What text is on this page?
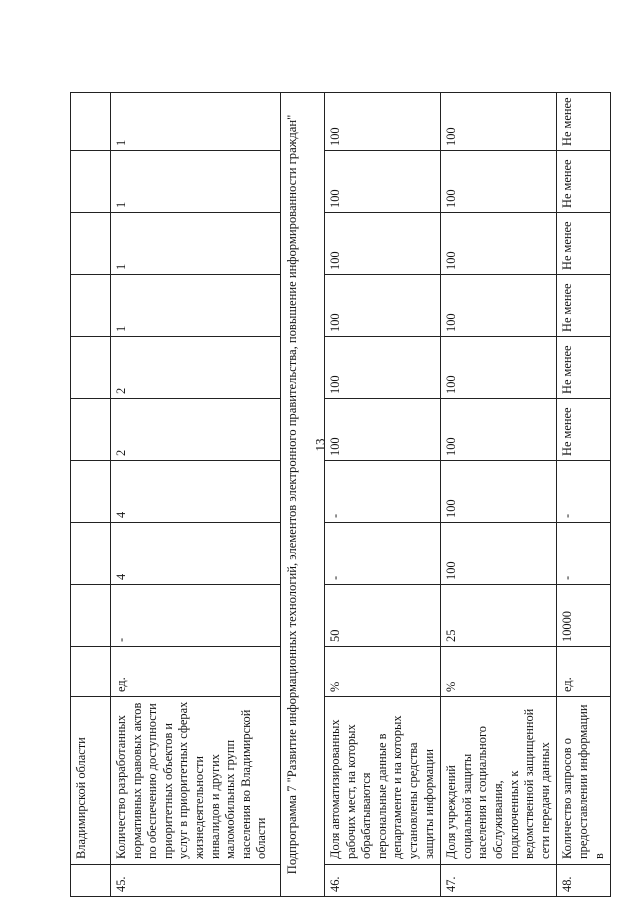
13
	Владимирской области										
45.	Количество разработанных нормативных правовых актов по обеспечению доступности приоритетных объектов и услуг в приоритетных сферах жизнедеятельности инвалидов и других маломобильных групп населения во Владимирской области	ед.	-	4	4	2	2	1	1	1	1
Подпрограмма 7 "Развитие информационных технологий, элементов электронного правительства, повышение информированности граждан"											
46.	Доля автоматизированных рабочих мест, на которых обрабатываются персональные данные в департаменте и на которых установлены средства защиты информации	%	50	-	-	100	100	100	100	100	100
47.	Доля учреждений социальной защиты населения и социального обслуживания, подключенных к ведомственной защищенной сети передачи данных	%	25	100	100	100	100	100	100	100	100
48.	Количество запросов о предоставлении информации в	ед.	10000	-	-	Не менее	Не менее	Не менее	Не менее	Не менее	Не менее
